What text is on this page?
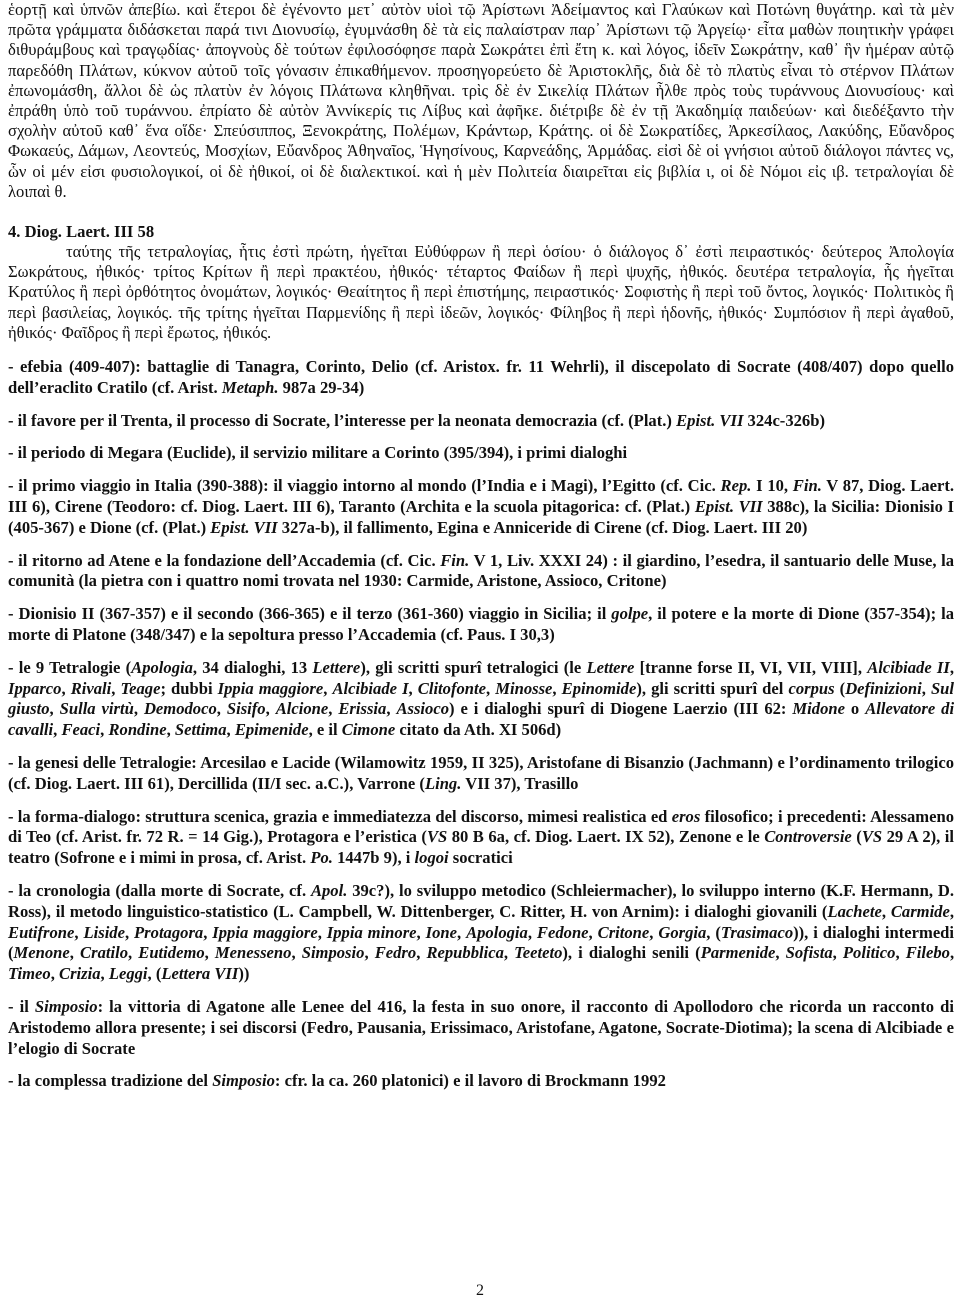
ἑορτῇ καὶ ὑπνῶν ἀπεβίω. καὶ ἕτεροι δὲ ἐγένοντο μετ᾽ αὐτὸν υἱοὶ τῷ Ἀρίστωνι Ἀδείμαντος καὶ Γλαύκων καὶ Ποτώνη θυγάτηρ. καὶ τὰ μὲν πρῶτα γράμματα διδάσκεται παρά τινι Διονυσίῳ, ἐγυμνάσθη δὲ τὰ εἰς παλαίστραν παρ᾽ Ἀρίστωνι τῷ Ἀργείῳ· εἶτα μαθὼν ποιητικὴν γράφει διθυράμβους καὶ τραγῳδίας· ἀπογνοὺς δὲ τούτων ἐφιλοσόφησε παρὰ Σωκράτει ἐπὶ ἔτη κ. καὶ λόγος, ἰδεῖν Σωκράτην, καθ᾽ ἣν ἡμέραν αὐτῷ παρεδόθη Πλάτων, κύκνον αὐτοῦ τοῖς γόνασιν ἐπικαθήμενον. προσηγορεύετο δὲ Ἀριστοκλῆς, διὰ δὲ τὸ πλατὺς εἶναι τὸ στέρνον Πλάτων ἐπωνομάσθη, ἄλλοι δὲ ὡς πλατὺν ἐν λόγοις Πλάτωνα κληθῆναι. τρὶς δὲ ἐν Σικελίᾳ Πλάτων ἦλθε πρὸς τοὺς τυράννους Διονυσίους· καὶ ἐπράθη ὑπὸ τοῦ τυράννου. ἐπρίατο δὲ αὐτὸν Ἀννίκερίς τις Λίβυς καὶ ἀφῆκε. διέτριβε δὲ ἐν τῇ Ἀκαδημίᾳ παιδεύων· καὶ διεδέξαντο τὴν σχολὴν αὐτοῦ καθ᾽ ἕνα οἵδε· Σπεύσιππος, Ξενοκράτης, Πολέμων, Κράντωρ, Κράτης. οἱ δὲ Σωκρατίδες, Ἀρκεσίλαος, Λακύδης, Εὔανδρος Φωκαεύς, Δάμων, Λεοντεύς, Μοσχίων, Εὔανδρος Ἀθηναῖος, Ἡγησίνους, Καρνεάδης, Ἁρμάδας. εἰσὶ δὲ οἱ γνήσιοι αὐτοῦ διάλογοι πάντες νς, ὧν οἱ μέν εἰσι φυσιολογικοί, οἱ δὲ ἠθικοί, οἱ δὲ διαλεκτικοί. καὶ ἡ μὲν Πολιτεία διαιρεῖται εἰς βιβλία ι, οἱ δὲ Νόμοι εἰς ιβ. τετραλογίαι δὲ λοιπαὶ θ.

4. Diog. Laert. III 58

ταύτης τῆς τετραλογίας, ἧτις ἐστὶ πρώτη, ἡγεῖται Εὐθύφρων ἢ περὶ ὁσίου· ὁ διάλογος δ᾽ ἐστὶ πειραστικός· δεύτερος Ἀπολογία Σωκράτους, ἠθικός· τρίτος Κρίτων ἢ περὶ πρακτέου, ἠθικός· τέταρτος Φαίδων ἢ περὶ ψυχῆς, ἠθικός. δευτέρα τετραλογία, ἧς ἡγεῖται Κρατύλος ἢ περὶ ὀρθότητος ὀνομάτων, λογικός· Θεαίτητος ἢ περὶ ἐπιστήμης, πειραστικός· Σοφιστὴς ἢ περὶ τοῦ ὄντος, λογικός· Πολιτικὸς ἢ περὶ βασιλείας, λογικός. τῆς τρίτης ἡγεῖται Παρμενίδης ἢ περὶ ἰδεῶν, λογικός· Φίληβος ἢ περὶ ἡδονῆς, ἠθικός· Συμπόσιον ἢ περὶ ἀγαθοῦ, ἠθικός· Φαῖδρος ἢ περὶ ἔρωτος, ἠθικός.

- efebia (409-407): battaglie di Tanagra, Corinto, Delio (cf. Aristox. fr. 11 Wehrli), il discepolato di Socrate (408/407) dopo quello dell’eraclito Cratilo (cf. Arist. Metaph. 987a 29-34)

- il favore per il Trenta, il processo di Socrate, l’interesse per la neonata democrazia (cf. (Plat.) Epist. VII 324c-326b)

- il periodo di Megara (Euclide), il servizio militare a Corinto (395/394), i primi dialoghi

- il primo viaggio in Italia (390-388): il viaggio intorno al mondo (l’India e i Magi), l’Egitto (cf. Cic. Rep. I 10, Fin. V 87, Diog. Laert. III 6), Cirene (Teodoro: cf. Diog. Laert. III 6), Taranto (Archita e la scuola pitagorica: cf. (Plat.) Epist. VII 388c), la Sicilia: Dionisio I (405-367) e Dione (cf. (Plat.) Epist. VII 327a-b), il fallimento, Egina e Anniceride di Cirene (cf. Diog. Laert. III 20)

- il ritorno ad Atene e la fondazione dell’Accademia (cf. Cic. Fin. V 1, Liv. XXXI 24) : il giardino, l’esedra, il santuario delle Muse, la comunità (la pietra con i quattro nomi trovata nel 1930: Carmide, Aristone, Assioco, Critone)

- Dionisio II (367-357) e il secondo (366-365) e il terzo (361-360) viaggio in Sicilia; il golpe, il potere e la morte di Dione (357-354); la morte di Platone (348/347) e la sepoltura presso l’Accademia (cf. Paus. I 30,3)

- le 9 Tetralogie (Apologia, 34 dialoghi, 13 Lettere), gli scritti spurî tetralogici (le Lettere [tranne forse II, VI, VII, VIII], Alcibiade II, Ipparco, Rivali, Teage; dubbi Ippia maggiore, Alcibiade I, Clitofonte, Minosse, Epinomide), gli scritti spurî del corpus (Definizioni, Sul giusto, Sulla virtù, Demodoco, Sisifo, Alcione, Erissia, Assioco) e i dialoghi spurî di Diogene Laerzio (III 62: Midone o Allevatore di cavalli, Feaci, Rondine, Settima, Epimenide, e il Cimone citato da Ath. XI 506d)

- la genesi delle Tetralogie: Arcesilao e Lacide (Wilamowitz 1959, II 325), Aristofane di Bisanzio (Jachmann) e l’ordinamento trilogico (cf. Diog. Laert. III 61), Dercillida (II/I sec. a.C.), Varrone (Ling. VII 37), Trasillo

- la forma-dialogo: struttura scenica, grazia e immediatezza del discorso, mimesi realistica ed eros filosofico; i precedenti: Alessameno di Teo (cf. Arist. fr. 72 R. = 14 Gig.), Protagora e l’eristica (VS 80 B 6a, cf. Diog. Laert. IX 52), Zenone e le Controversie (VS 29 A 2), il teatro (Sofrone e i mimi in prosa, cf. Arist. Po. 1447b 9), i logoi socratici

- la cronologia (dalla morte di Socrate, cf. Apol. 39c?), lo sviluppo metodico (Schleiermacher), lo sviluppo interno (K.F. Hermann, D. Ross), il metodo linguistico-statistico (L. Campbell, W. Dittenberger, C. Ritter, H. von Arnim): i dialoghi giovanili (Lachete, Carmide, Eutifrone, Liside, Protagora, Ippia maggiore, Ippia minore, Ione, Apologia, Fedone, Critone, Gorgia, (Trasimaco)), i dialoghi intermedi (Menone, Cratilo, Eutidemo, Menesseno, Simposio, Fedro, Repubblica, Teeteto), i dialoghi senili (Parmenide, Sofista, Politico, Filebo, Timeo, Crizia, Leggi, (Lettera VII))

- il Simposio: la vittoria di Agatone alle Lenee del 416, la festa in suo onore, il racconto di Apollodoro che ricorda un racconto di Aristodemo allora presente; i sei discorsi (Fedro, Pausania, Erissimaco, Aristofane, Agatone, Socrate-Diotima); la scena di Alcibiade e l’elogio di Socrate

- la complessa tradizione del Simposio: cfr. la ca. 260 platonici) e il lavoro di Brockmann 1992

2
